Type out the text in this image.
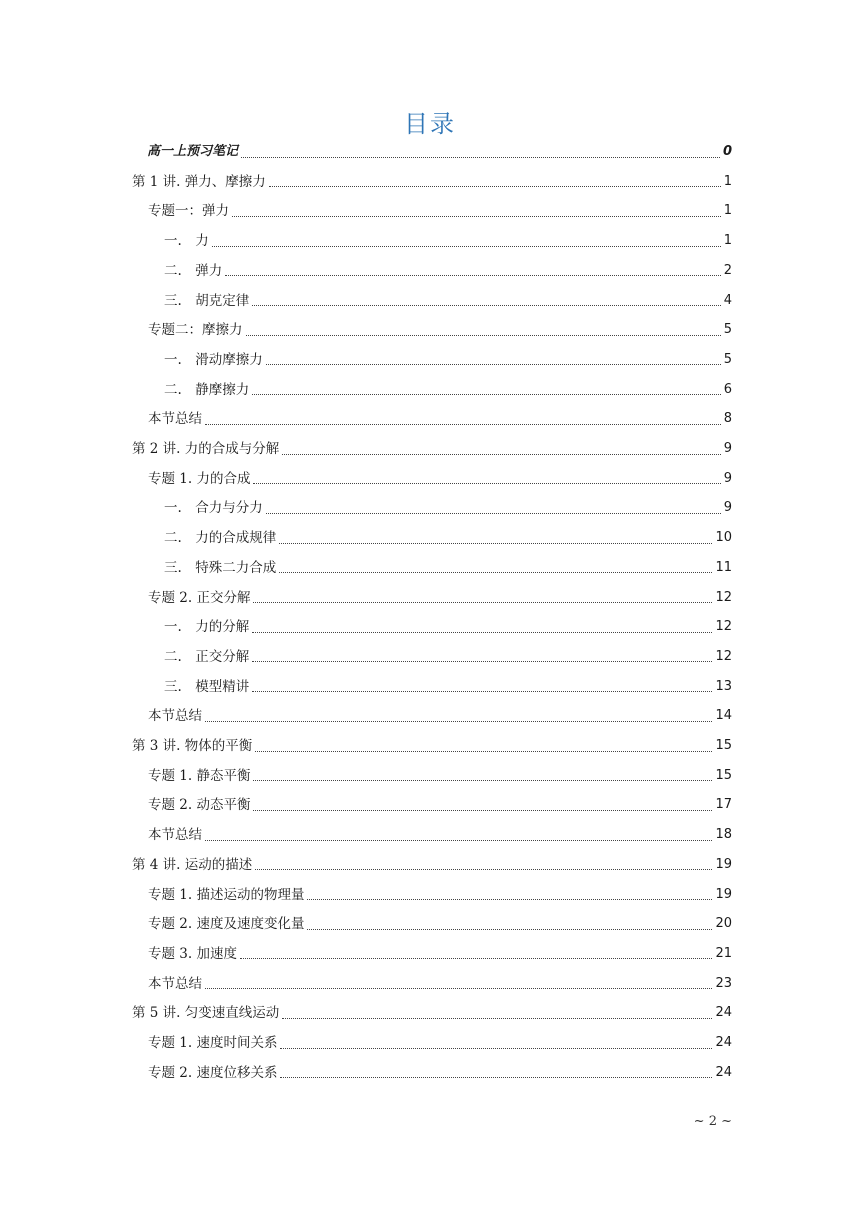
目录
高一上预习笔记	0
第 1 讲. 弹力、摩擦力	1
专题一：弹力	1
一.　力	1
二.　弹力	2
三.　胡克定律	4
专题二：摩擦力	5
一.　滑动摩擦力	5
二.　静摩擦力	6
本节总结	8
第 2 讲. 力的合成与分解	9
专题 1. 力的合成	9
一.　合力与分力	9
二.　力的合成规律	10
三.　特殊二力合成	11
专题 2. 正交分解	12
一.　力的分解	12
二.　正交分解	12
三.　模型精讲	13
本节总结	14
第 3 讲. 物体的平衡	15
专题 1. 静态平衡	15
专题 2. 动态平衡	17
本节总结	18
第 4 讲. 运动的描述	19
专题 1. 描述运动的物理量	19
专题 2. 速度及速度变化量	20
专题 3. 加速度	21
本节总结	23
第 5 讲. 匀变速直线运动	24
专题 1. 速度时间关系	24
专题 2. 速度位移关系	24
~ 2 ~
